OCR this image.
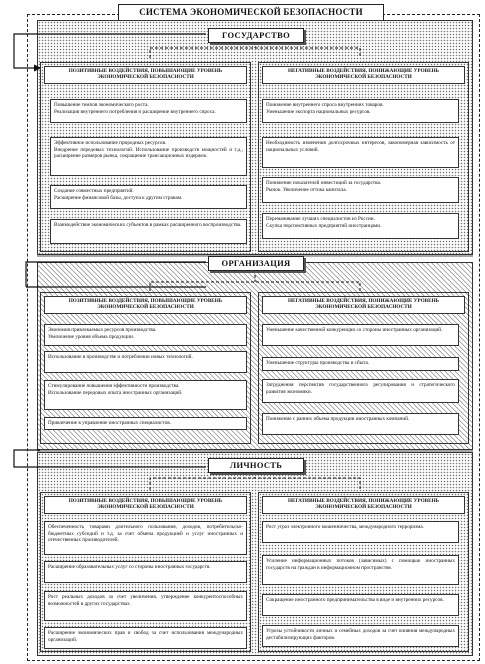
СИСТЕМА ЭКОНОМИЧЕСКОЙ БЕЗОПАСНОСТИ
ГОСУДАРСТВО
ОРГАНИЗАЦИЯ
ЛИЧНОСТЬ
ПОЗИТИВНЫЕ ВОЗДЕЙСТВИЯ, ПОВЫШАЮЩИЕ УРОВЕНЬ ЭКОНОМИЧЕСКОЙ БЕЗОПАСНОСТИ

Повышение темпов экономического роста.

Реализация внутреннего потребления и расширение внутреннего спроса.

Эффективное использование природных ресурсов.

Внедрение передовых технологий. Использование производств мощностей и т.д., расширение размеров рынка, сокращение трансакционных издержек.

Создание совместных предприятий.

Расширение финансовой базы, доступа к другим странам.

Взаимодействие экономических субъектов в рамках расширенного воспроизводства.

НЕГАТИВНЫЕ ВОЗДЕЙСТВИЯ, ПОНИЖАЮЩИЕ УРОВЕНЬ ЭКОНОМИЧЕСКОЙ БЕЗОПАСНОСТИ

Понижение внутреннего спроса внутренних товаров.

Уменьшение экспорта национальных ресурсов.

Необходимость изменения долгосрочных интересов, закономерная зависимость от национальных условий.

Понижение показателей инвестиций за государства.

Рынок. Увеличение оттока капитала.

Переманивание лучших специалистов из России.

Скупка перспективных предприятий иностранцами.

ПОЗИТИВНЫЕ ВОЗДЕЙСТВИЯ, ПОВЫШАЮЩИЕ УРОВЕНЬ ЭКОНОМИЧЕСКОЙ БЕЗОПАСНОСТИ

Экономия привлекаемых ресурсов производства.

Увеличение уровня объема продукции.

Использование в производстве и потреблении новых технологий.

Стимулирование повышения эффективности производства.

Использование передовых опыта иностранных организаций.

Привлечение в управление иностранных специалистов.

НЕГАТИВНЫЕ ВОЗДЕЙСТВИЯ, ПОНИЖАЮЩИЕ УРОВЕНЬ ЭКОНОМИЧЕСКОЙ БЕЗОПАСНОСТИ

Уменьшение качественной конкуренции со стороны иностранных организаций.

Уменьшение структуры производства и сбыта.

Затруднения перспектив государственного регулирования и стратегического развития экономики.

Понижение с ранних объема продукции иностранных компаний.

ПОЗИТИВНЫЕ ВОЗДЕЙСТВИЯ, ПОВЫШАЮЩИЕ УРОВЕНЬ ЭКОНОМИЧЕСКОЙ БЕЗОПАСНОСТИ

Обеспеченность товарами длительного пользования, доходов, потребительско-бюджетных субсидий и т.д. за счет обмена продукцией и услуг иностранных и отечественных производителей.

Расширение образовательных услуг со стороны иностранных государств.

Рост реальных доходов за счет увеличения, утверждение конкурентоспособных возможностей в других государствах.

Расширение экономических прав и свобод за счет использования международных организаций.

НЕГАТИВНЫЕ ВОЗДЕЙСТВИЯ, ПОНИЖАЮЩИЕ УРОВЕНЬ ЭКОНОМИЧЕСКОЙ БЕЗОПАСНОСТИ

Рост угроз электронного мошенничества, международного терроризма.

Усиление информационных потоков (зависимых) с помощью иностранных государств на граждан в информационном пространстве.

Сокращение иностранного предпринимательства в виде и внутренних ресурсов.

Угрозы устойчивости личных и семейных доходов за счет влияния международных дестабилизирующих факторов.
